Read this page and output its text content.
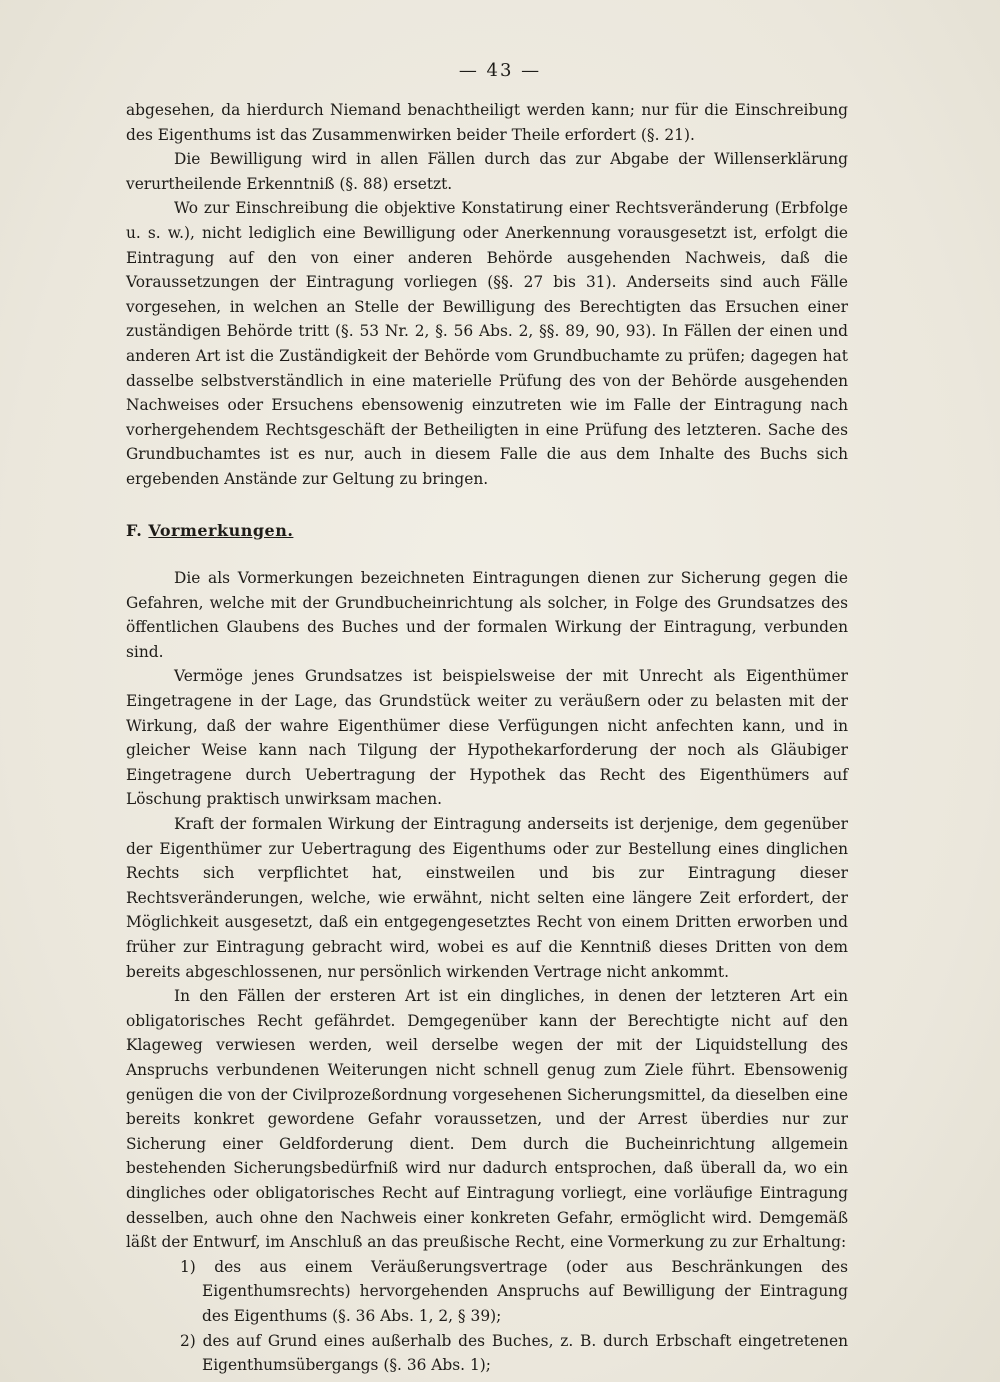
— 43 —

abgesehen, da hierdurch Niemand benachtheiligt werden kann; nur für die Einschreibung des Eigenthums ist das Zusammenwirken beider Theile erfordert (§. 21).

Die Bewilligung wird in allen Fällen durch das zur Abgabe der Willenserklärung verurtheilende Erkenntniß (§. 88) ersetzt.

Wo zur Einschreibung die objektive Konstatirung einer Rechtsveränderung (Erbfolge u. s. w.), nicht lediglich eine Bewilligung oder Anerkennung vorausgesetzt ist, erfolgt die Eintragung auf den von einer anderen Behörde ausgehenden Nachweis, daß die Voraussetzungen der Eintragung vorliegen (§§. 27 bis 31). Anderseits sind auch Fälle vorgesehen, in welchen an Stelle der Bewilligung des Berechtigten das Ersuchen einer zuständigen Behörde tritt (§. 53 Nr. 2, §. 56 Abs. 2, §§. 89, 90, 93). In Fällen der einen und anderen Art ist die Zuständigkeit der Behörde vom Grundbuchamte zu prüfen; dagegen hat dasselbe selbstverständlich in eine materielle Prüfung des von der Behörde ausgehenden Nachweises oder Ersuchens ebensowenig einzutreten wie im Falle der Eintragung nach vorhergehendem Rechtsgeschäft der Betheiligten in eine Prüfung des letzteren. Sache des Grundbuchamtes ist es nur, auch in diesem Falle die aus dem Inhalte des Buchs sich ergebenden Anstände zur Geltung zu bringen.

F. Vormerkungen.

Die als Vormerkungen bezeichneten Eintragungen dienen zur Sicherung gegen die Gefahren, welche mit der Grundbucheinrichtung als solcher, in Folge des Grundsatzes des öffentlichen Glaubens des Buches und der formalen Wirkung der Eintragung, verbunden sind.

Vermöge jenes Grundsatzes ist beispielsweise der mit Unrecht als Eigenthümer Eingetragene in der Lage, das Grundstück weiter zu veräußern oder zu belasten mit der Wirkung, daß der wahre Eigenthümer diese Verfügungen nicht anfechten kann, und in gleicher Weise kann nach Tilgung der Hypothekarforderung der noch als Gläubiger Eingetragene durch Uebertragung der Hypothek das Recht des Eigenthümers auf Löschung praktisch unwirksam machen.

Kraft der formalen Wirkung der Eintragung anderseits ist derjenige, dem gegenüber der Eigenthümer zur Uebertragung des Eigenthums oder zur Bestellung eines dinglichen Rechts sich verpflichtet hat, einstweilen und bis zur Eintragung dieser Rechtsveränderungen, welche, wie erwähnt, nicht selten eine längere Zeit erfordert, der Möglichkeit ausgesetzt, daß ein entgegengesetztes Recht von einem Dritten erworben und früher zur Eintragung gebracht wird, wobei es auf die Kenntniß dieses Dritten von dem bereits abgeschlossenen, nur persönlich wirkenden Vertrage nicht ankommt.

In den Fällen der ersteren Art ist ein dingliches, in denen der letzteren Art ein obligatorisches Recht gefährdet. Demgegenüber kann der Berechtigte nicht auf den Klageweg verwiesen werden, weil derselbe wegen der mit der Liquidstellung des Anspruchs verbundenen Weiterungen nicht schnell genug zum Ziele führt. Ebensowenig genügen die von der Civilprozeßordnung vorgesehenen Sicherungsmittel, da dieselben eine bereits konkret gewordene Gefahr voraussetzen, und der Arrest überdies nur zur Sicherung einer Geldforderung dient. Dem durch die Bucheinrichtung allgemein bestehenden Sicherungsbedürfniß wird nur dadurch entsprochen, daß überall da, wo ein dingliches oder obligatorisches Recht auf Eintragung vorliegt, eine vorläufige Eintragung desselben, auch ohne den Nachweis einer konkreten Gefahr, ermöglicht wird. Demgemäß läßt der Entwurf, im Anschluß an das preußische Recht, eine Vormerkung zu zur Erhaltung:

1) des aus einem Veräußerungsvertrage (oder aus Beschränkungen des Eigenthumsrechts) hervorgehenden Anspruchs auf Bewilligung der Eintragung des Eigenthums (§. 36 Abs. 1, 2, § 39);

2) des auf Grund eines außerhalb des Buches, z. B. durch Erbschaft eingetretenen Eigenthumsübergangs (§. 36 Abs. 1);
